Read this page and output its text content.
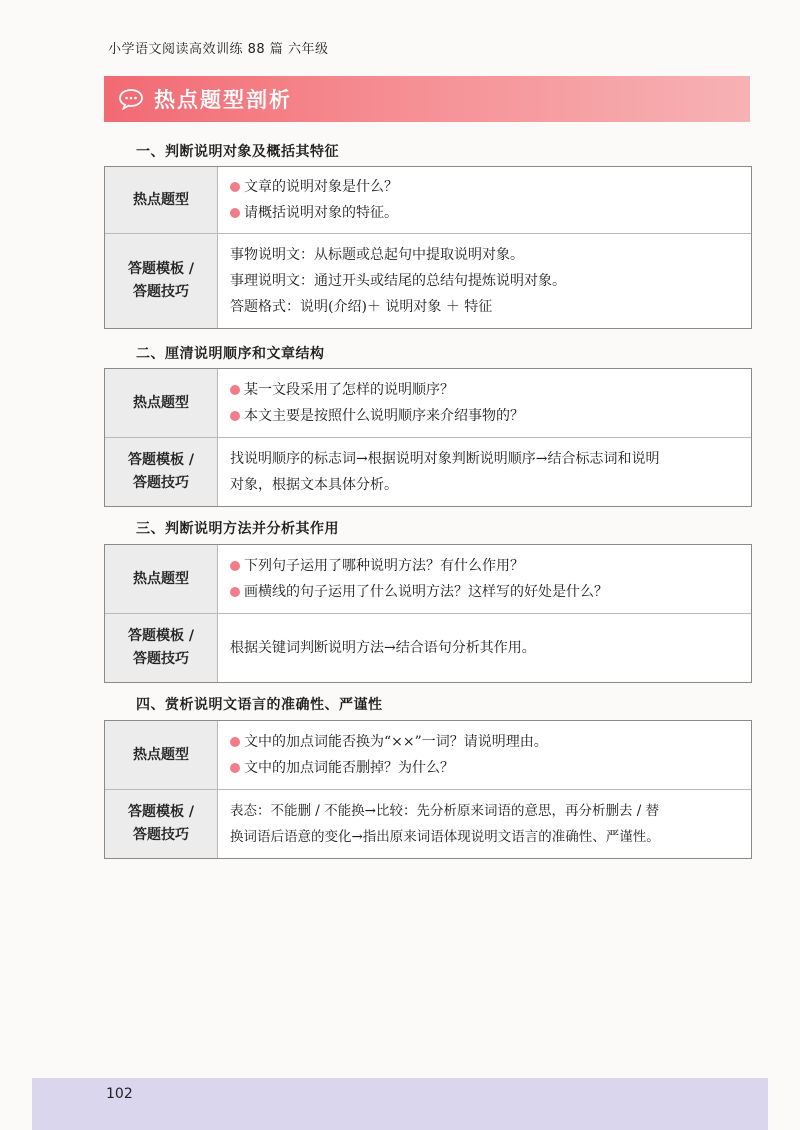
小学语文阅读高效训练 88 篇 六年级
热点题型剖析
一、判断说明对象及概括其特征
热点题型
文章的说明对象是什么？
请概括说明对象的特征。
答题模板 /
答题技巧
事物说明文：从标题或总起句中提取说明对象。
事理说明文：通过开头或结尾的总结句提炼说明对象。
答题格式：说明(介绍)＋ 说明对象 ＋ 特征
二、厘清说明顺序和文章结构
热点题型
某一文段采用了怎样的说明顺序？
本文主要是按照什么说明顺序来介绍事物的？
答题模板 /
答题技巧
找说明顺序的标志词→根据说明对象判断说明顺序→结合标志词和说明
对象，根据文本具体分析。
三、判断说明方法并分析其作用
热点题型
下列句子运用了哪种说明方法？有什么作用？
画横线的句子运用了什么说明方法？这样写的好处是什么？
答题模板 /
答题技巧
根据关键词判断说明方法→结合语句分析其作用。
四、赏析说明文语言的准确性、严谨性
热点题型
文中的加点词能否换为“××”一词？请说明理由。
文中的加点词能否删掉？为什么？
答题模板 /
答题技巧
表态：不能删 / 不能换→比较：先分析原来词语的意思，再分析删去 / 替
换词语后语意的变化→指出原来词语体现说明文语言的准确性、严谨性。
102
